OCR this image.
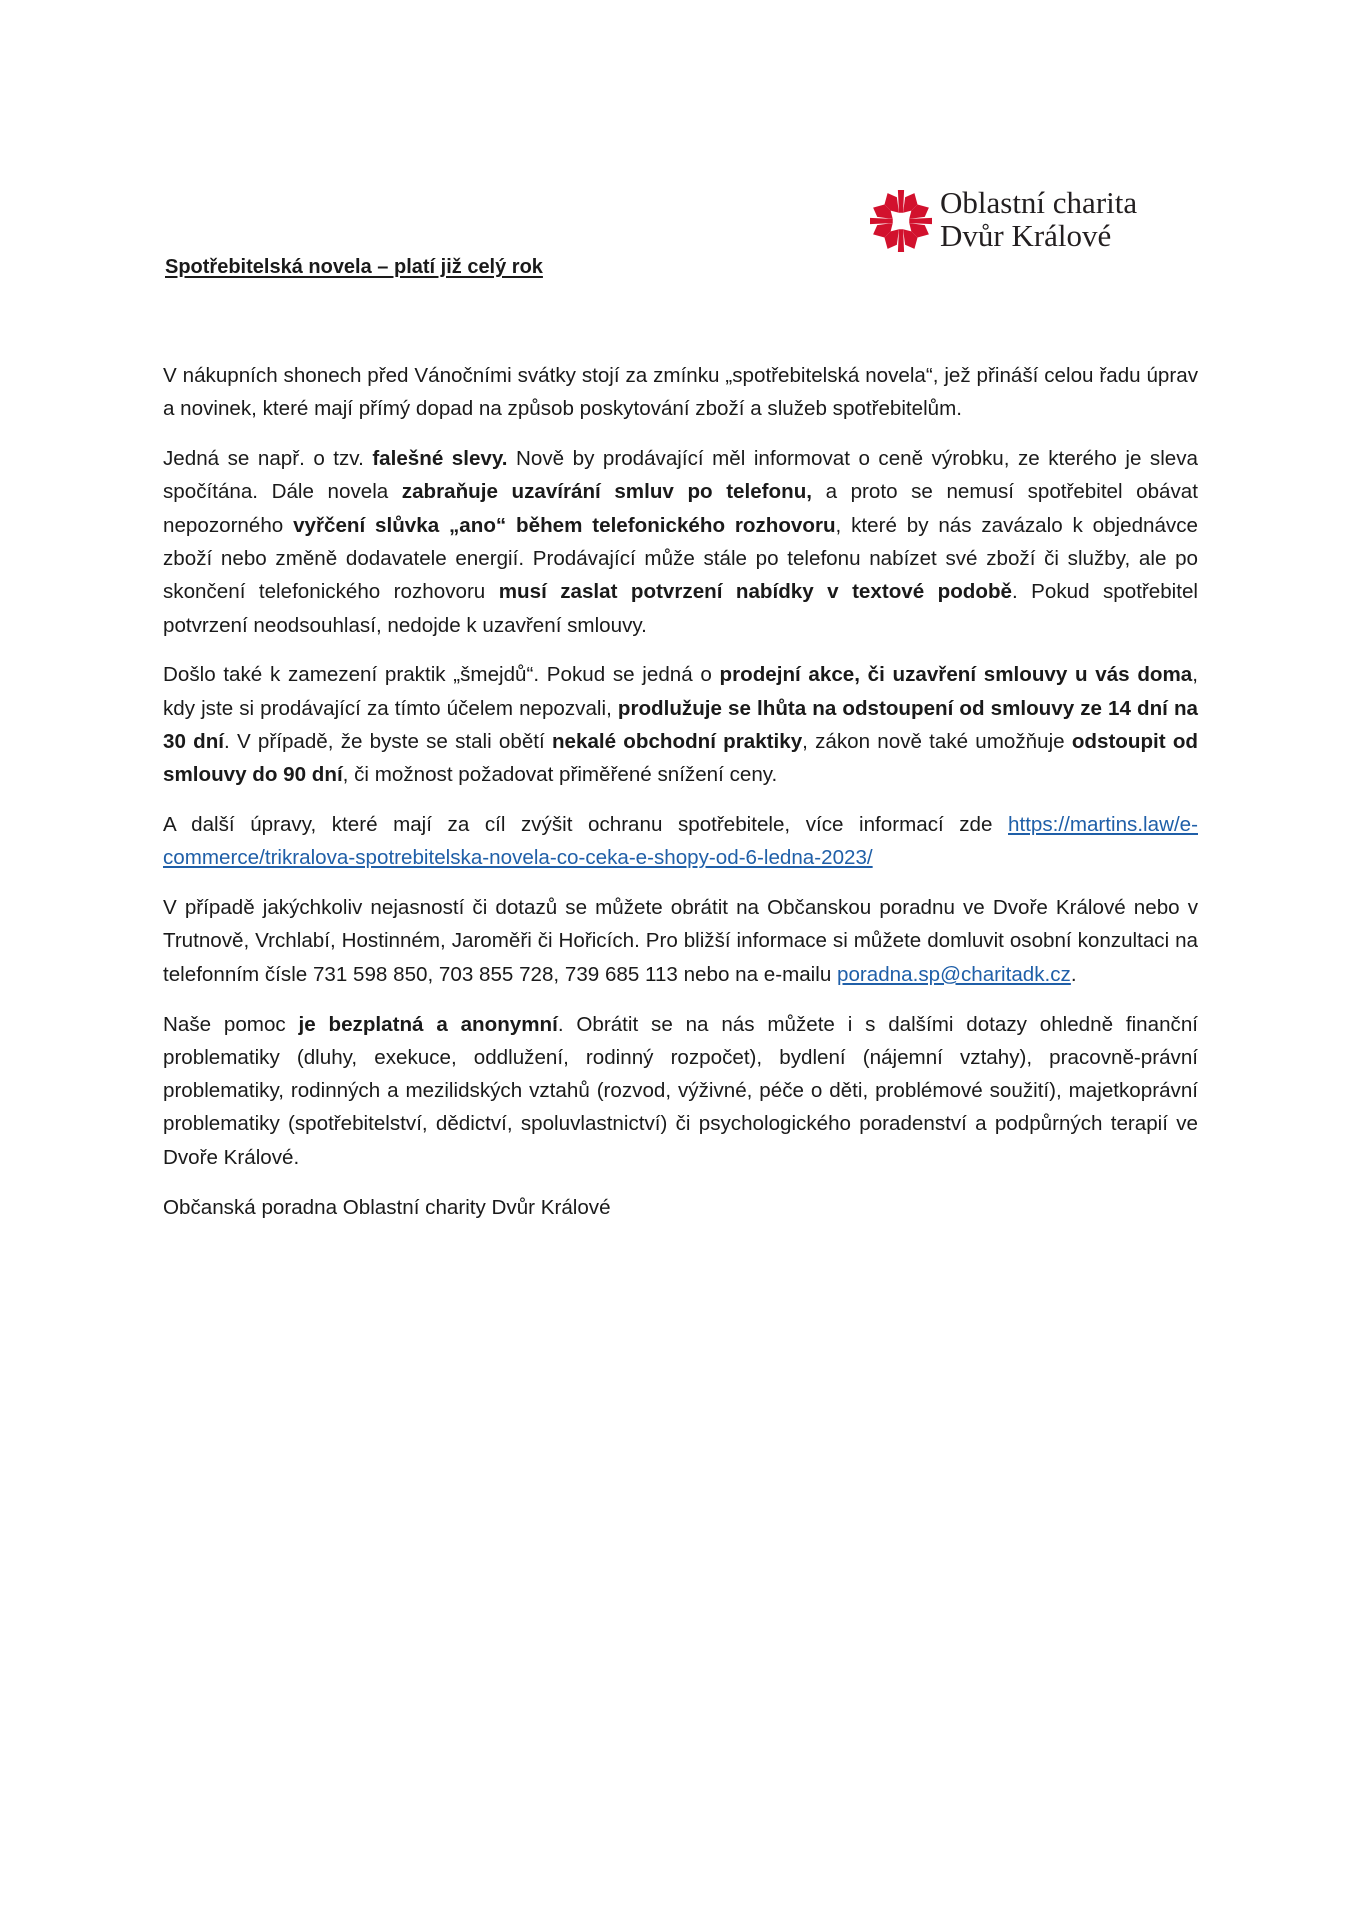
Oblastní charita
Dvůr Králové
Spotřebitelská novela – platí již celý rok

V nákupních shonech před Vánočními svátky stojí za zmínku „spotřebitelská novela“, jež přináší celou řadu úprav a novinek, které mají přímý dopad na způsob poskytování zboží a služeb spotřebitelům.

Jedná se např. o tzv. falešné slevy. Nově by prodávající měl informovat o ceně výrobku, ze kterého je sleva spočítána. Dále novela zabraňuje uzavírání smluv po telefonu, a proto se nemusí spotřebitel obávat nepozorného vyřčení slůvka „ano“ během telefonického rozhovoru, které by nás zavázalo k objednávce zboží nebo změně dodavatele energií. Prodávající může stále po telefonu nabízet své zboží či služby, ale po skončení telefonického rozhovoru musí zaslat potvrzení nabídky v textové podobě. Pokud spotřebitel potvrzení neodsouhlasí, nedojde k uzavření smlouvy.

Došlo také k zamezení praktik „šmejdů“. Pokud se jedná o prodejní akce, či uzavření smlouvy u vás doma, kdy jste si prodávající za tímto účelem nepozvali, prodlužuje se lhůta na odstoupení od smlouvy ze 14 dní na 30 dní. V případě, že byste se stali obětí nekalé obchodní praktiky, zákon nově také umožňuje odstoupit od smlouvy do 90 dní, či možnost požadovat přiměřené snížení ceny.

A další úpravy, které mají za cíl zvýšit ochranu spotřebitele, více informací zde https://martins.law/e-commerce/trikralova-spotrebitelska-novela-co-ceka-e-shopy-od-6-ledna-2023/

V případě jakýchkoliv nejasností či dotazů se můžete obrátit na Občanskou poradnu ve Dvoře Králové nebo v Trutnově, Vrchlabí, Hostinném, Jaroměři či Hořicích. Pro bližší informace si můžete domluvit osobní konzultaci na telefonním čísle 731 598 850, 703 855 728, 739 685 113 nebo na e-mailu poradna.sp@charitadk.cz.

Naše pomoc je bezplatná a anonymní. Obrátit se na nás můžete i s dalšími dotazy ohledně finanční problematiky (dluhy, exekuce, oddlužení, rodinný rozpočet), bydlení (nájemní vztahy), pracovně-právní problematiky, rodinných a mezilidských vztahů (rozvod, výživné, péče o děti, problémové soužití), majetkoprávní problematiky (spotřebitelství, dědictví, spoluvlastnictví) či psychologického poradenství a podpůrných terapií ve Dvoře Králové.

Občanská poradna Oblastní charity Dvůr Králové
